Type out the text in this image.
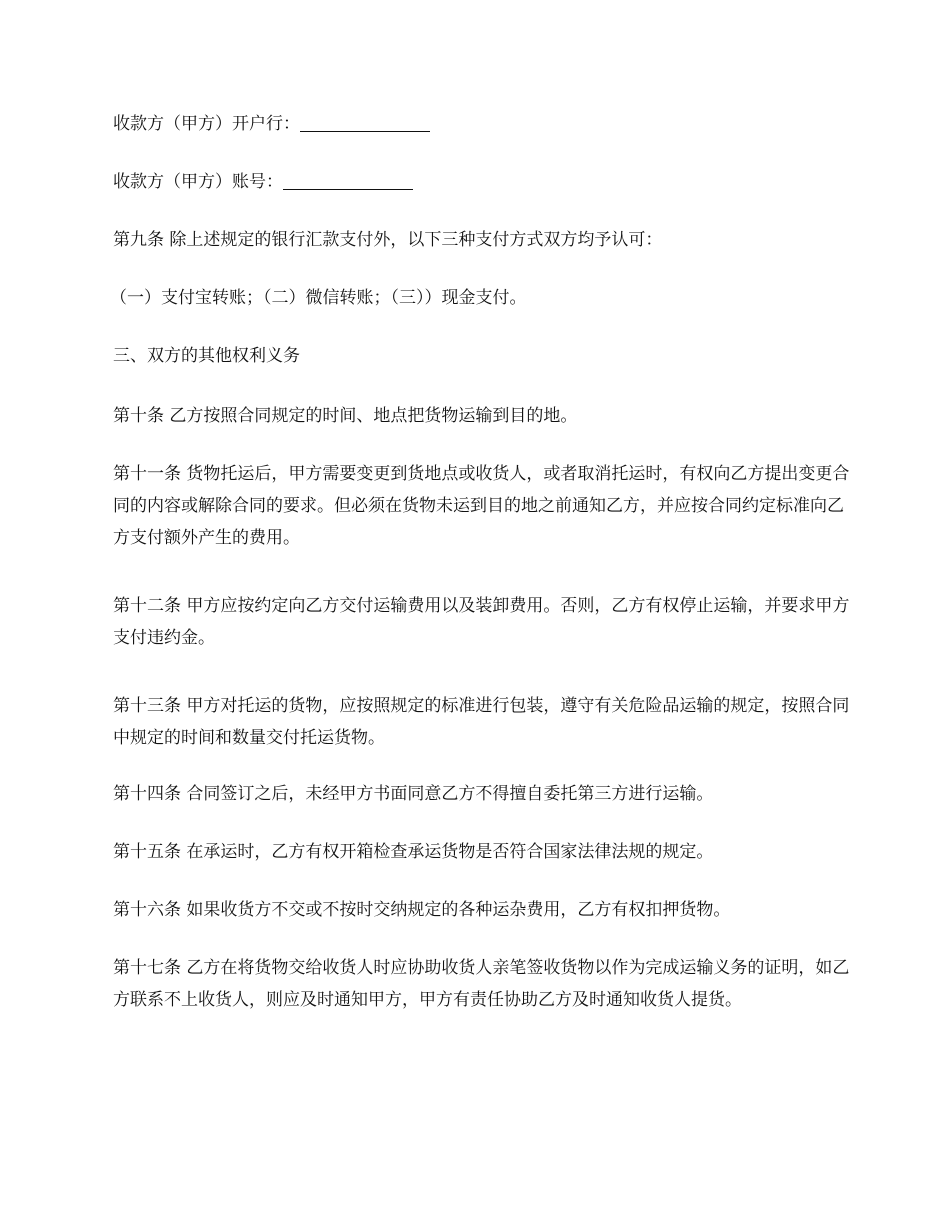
收款方（甲方）开户行：

收款方（甲方）账号：

第九条 除上述规定的银行汇款支付外，以下三种支付方式双方均予认可：

（一）支付宝转账；（二）微信转账；（三））现金支付。

三、双方的其他权利义务

第十条 乙方按照合同规定的时间、地点把货物运输到目的地。

第十一条 货物托运后，甲方需要变更到货地点或收货人，或者取消托运时，有权向乙方提出变更合同的内容或解除合同的要求。但必须在货物未运到目的地之前通知乙方，并应按合同约定标准向乙方支付额外产生的费用。

第十二条 甲方应按约定向乙方交付运输费用以及装卸费用。否则，乙方有权停止运输，并要求甲方支付违约金。

第十三条 甲方对托运的货物，应按照规定的标准进行包装，遵守有关危险品运输的规定，按照合同中规定的时间和数量交付托运货物。

第十四条 合同签订之后，未经甲方书面同意乙方不得擅自委托第三方进行运输。

第十五条 在承运时，乙方有权开箱检查承运货物是否符合国家法律法规的规定。

第十六条 如果收货方不交或不按时交纳规定的各种运杂费用，乙方有权扣押货物。

第十七条 乙方在将货物交给收货人时应协助收货人亲笔签收货物以作为完成运输义务的证明，如乙方联系不上收货人，则应及时通知甲方，甲方有责任协助乙方及时通知收货人提货。
